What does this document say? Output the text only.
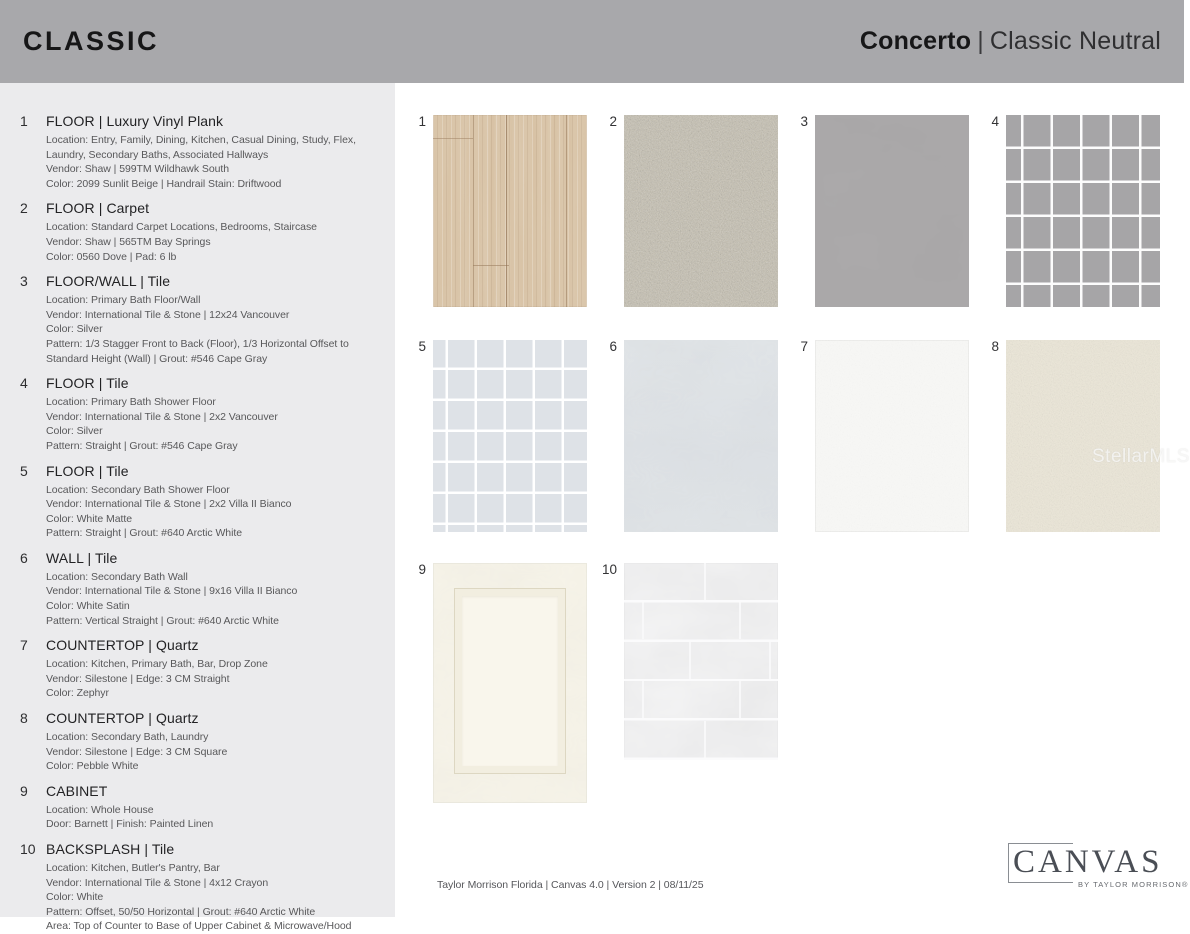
CLASSIC	Concerto | Classic Neutral
1	FLOOR | Luxury Vinyl Plank
Location: Entry, Family, Dining, Kitchen, Casual Dining, Study, Flex, Laundry, Secondary Baths, Associated Hallways
Vendor: Shaw | 599TM Wildhawk South
Color: 2099 Sunlit Beige | Handrail Stain: Driftwood
2	FLOOR | Carpet
Location: Standard Carpet Locations, Bedrooms, Staircase
Vendor: Shaw | 565TM Bay Springs
Color: 0560 Dove | Pad: 6 lb
3	FLOOR/WALL | Tile
Location: Primary Bath Floor/Wall
Vendor: International Tile & Stone | 12x24 Vancouver
Color: Silver
Pattern: 1/3 Stagger Front to Back (Floor), 1/3 Horizontal Offset to Standard Height (Wall) | Grout: #546 Cape Gray
4	FLOOR | Tile
Location: Primary Bath Shower Floor
Vendor: International Tile & Stone | 2x2 Vancouver
Color: Silver
Pattern: Straight | Grout: #546 Cape Gray
5	FLOOR | Tile
Location: Secondary Bath Shower Floor
Vendor: International Tile & Stone | 2x2 Villa II Bianco
Color: White Matte
Pattern: Straight | Grout: #640 Arctic White
6	WALL | Tile
Location: Secondary Bath Wall
Vendor: International Tile & Stone | 9x16 Villa II Bianco
Color: White Satin
Pattern: Vertical Straight | Grout: #640 Arctic White
7	COUNTERTOP | Quartz
Location: Kitchen, Primary Bath, Bar, Drop Zone
Vendor: Silestone | Edge: 3 CM Straight
Color: Zephyr
8	COUNTERTOP | Quartz
Location: Secondary Bath, Laundry
Vendor: Silestone | Edge: 3 CM Square
Color: Pebble White
9	CABINET
Location: Whole House
Door: Barnett | Finish: Painted Linen
10 BACKSPLASH | Tile
Location: Kitchen, Butler's Pantry, Bar
Vendor: International Tile & Stone | 4x12 Crayon
Color: White
Pattern: Offset, 50/50 Horizontal | Grout: #640 Arctic White
Area: Top of Counter to Base of Upper Cabinet & Microwave/Hood
1	2	3	4
5	6	7	8
9	10
StellarMLS
Taylor Morrison Florida | Canvas 4.0 | Version 2 | 08/11/25
CANVAS
BY TAYLOR MORRISON®
